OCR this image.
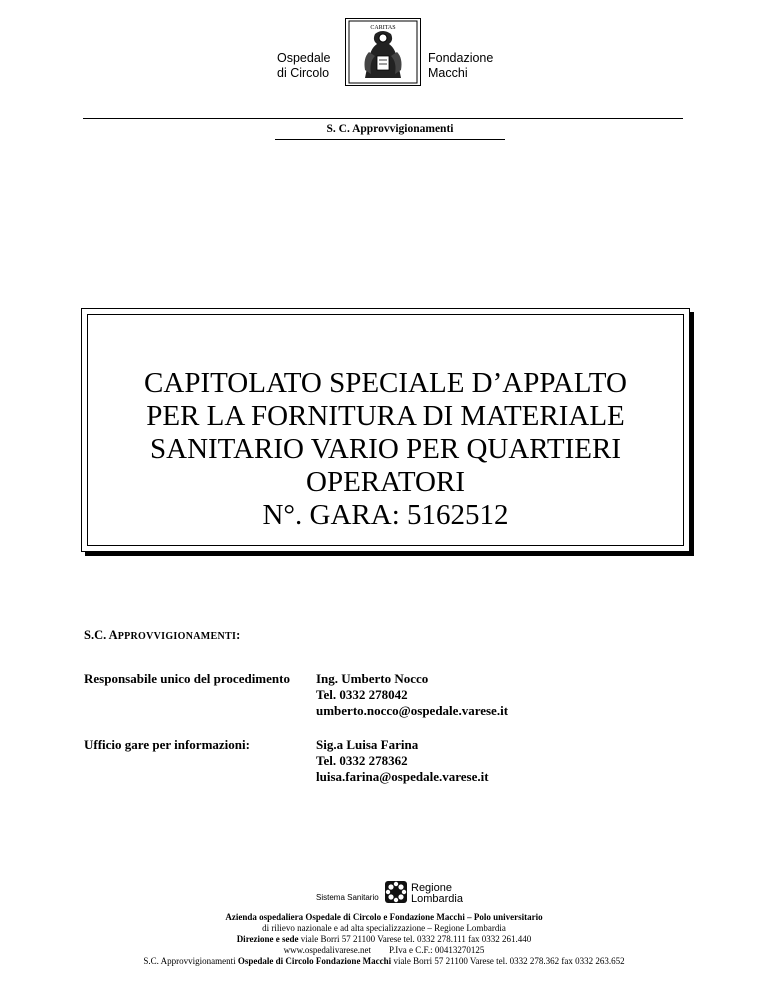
Ospedale
di Circolo
CARITAS
Fondazione
Macchi
S. C. Approvvigionamenti
CAPITOLATO SPECIALE D’APPALTO
PER LA FORNITURA DI MATERIALE
SANITARIO VARIO PER QUARTIERI
OPERATORI
N°. GARA: 5162512
S.C. APPROVVIGIONAMENTI:
Responsabile unico del procedimento Ing. Umberto Nocco
Tel. 0332 278042
umberto.nocco@ospedale.varese.it
Ufficio gare per informazioni:	Sig.a Luisa Farina
Tel. 0332 278362
luisa.farina@ospedale.varese.it
Sistema Sanitario
Regione
Lombardia
Azienda ospedaliera Ospedale di Circolo e Fondazione Macchi – Polo universitario
di rilievo nazionale e ad alta specializzazione – Regione Lombardia
Direzione e sede viale Borri 57 21100 Varese tel. 0332 278.111 fax 0332 261.440
www.ospedalivarese.net P.Iva e C.F.: 00413270125
S.C. Approvvigionamenti Ospedale di Circolo Fondazione Macchi viale Borri 57 21100 Varese tel. 0332 278.362 fax 0332 263.652
